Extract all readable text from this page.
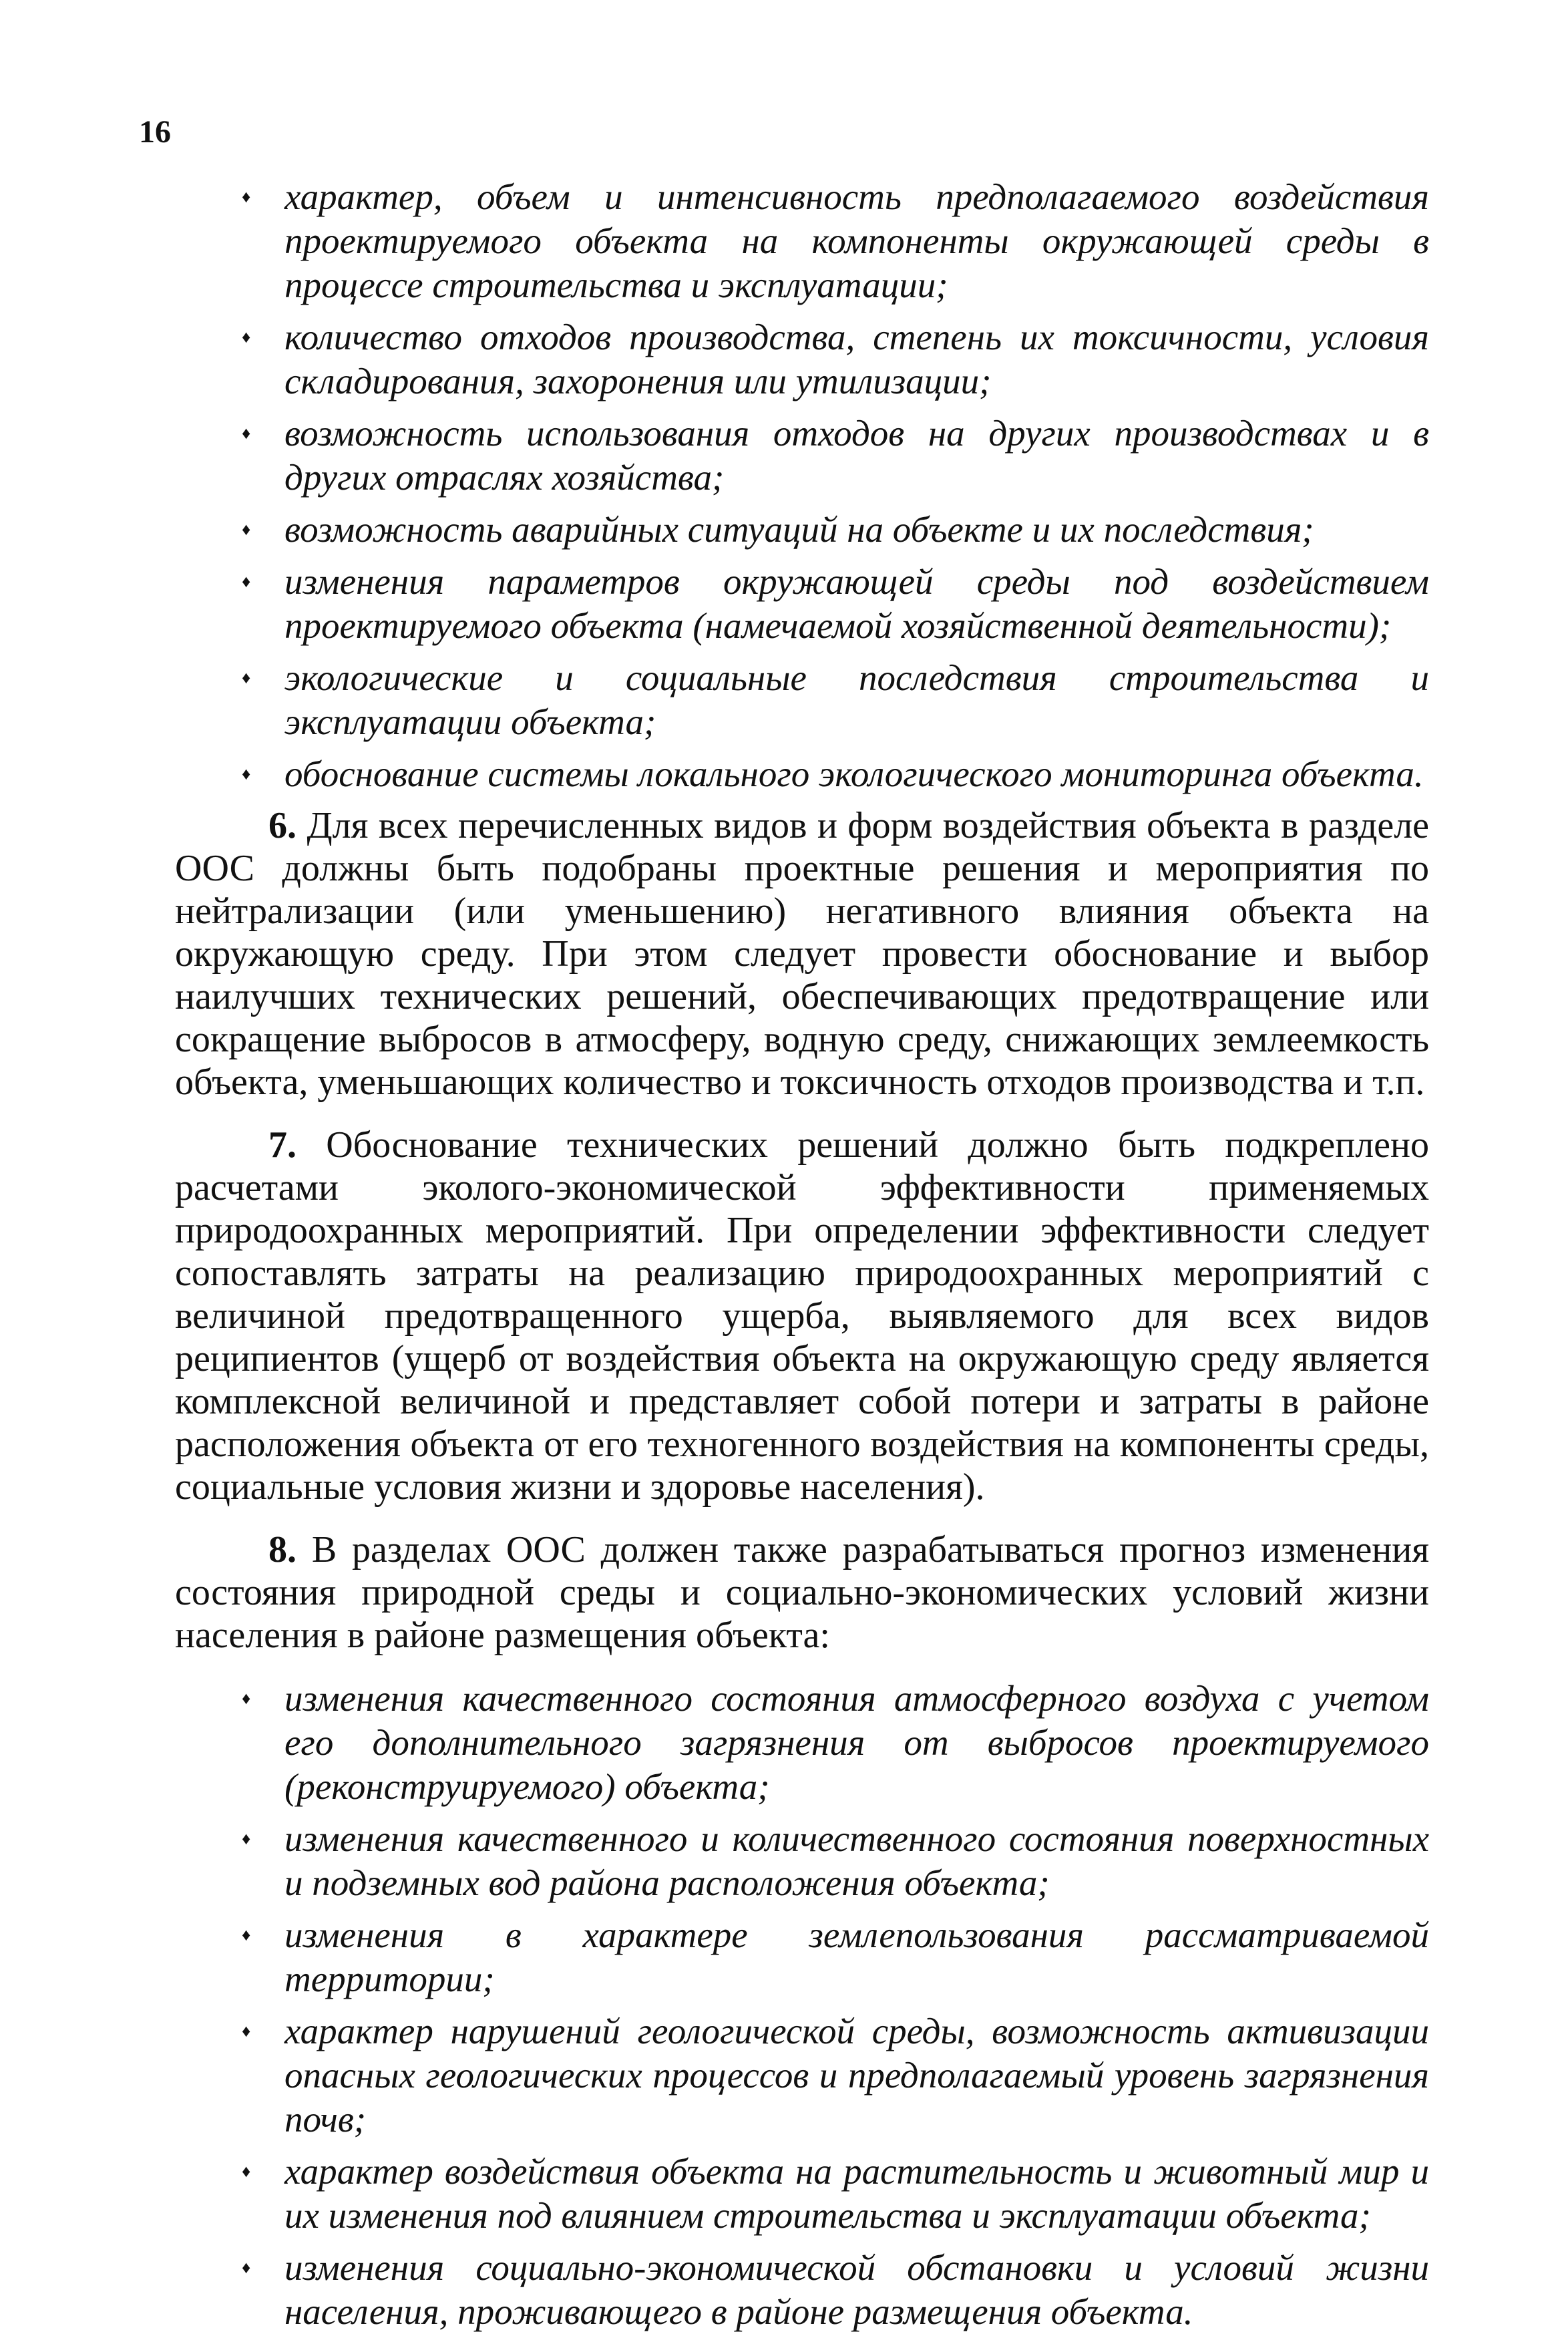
16
♦ характер, объем и интенсивность предполагаемого воздействия проектируемого объекта на компоненты окружающей среды в процессе строительства и эксплуатации;
♦ количество отходов производства, степень их токсичности, условия складирования, захоронения или утилизации;
♦ возможность использования отходов на других производствах и в других отраслях хозяйства;
♦ возможность аварийных ситуаций на объекте и их последствия;
♦ изменения параметров окружающей среды под воздействием проектируемого объекта (намечаемой хозяйственной деятельности);
♦ экологические и социальные последствия строительства и эксплуатации объекта;
♦ обоснование системы локального экологического мониторинга объекта.

6. Для всех перечисленных видов и форм воздействия объекта в разделе ООС должны быть подобраны проектные решения и мероприятия по нейтрализации (или уменьшению) негативного влияния объекта на окружающую среду. При этом следует провести обоснование и выбор наилучших технических решений, обеспечивающих предотвращение или сокращение выбросов в атмосферу, водную среду, снижающих землеемкость объекта, уменьшающих количество и токсичность отходов производства и т.п.

7. Обоснование технических решений должно быть подкреплено расчетами эколого-экономической эффективности применяемых природоохранных мероприятий. При определении эффективности следует сопоставлять затраты на реализацию природоохранных мероприятий с величиной предотвращенного ущерба, выявляемого для всех видов реципиентов (ущерб от воздействия объекта на окружающую среду является комплексной величиной и представляет собой потери и затраты в районе расположения объекта от его техногенного воздействия на компоненты среды, социальные условия жизни и здоровье населения).

8. В разделах ООС должен также разрабатываться прогноз изменения состояния природной среды и социально-экономических условий жизни населения в районе размещения объекта:

♦ изменения качественного состояния атмосферного воздуха с учетом его дополнительного загрязнения от выбросов проектируемого (реконструируемого) объекта;
♦ изменения качественного и количественного состояния поверхностных и подземных вод района расположения объекта;
♦ изменения в характере землепользования рассматриваемой территории;
♦ характер нарушений геологической среды, возможность активизации опасных геологических процессов и предполагаемый уровень загрязнения почв;
♦ характер воздействия объекта на растительность и животный мир и их изменения под влиянием строительства и эксплуатации объекта;
♦ изменения социально-экономической обстановки и условий жизни населения, проживающего в районе размещения объекта.
